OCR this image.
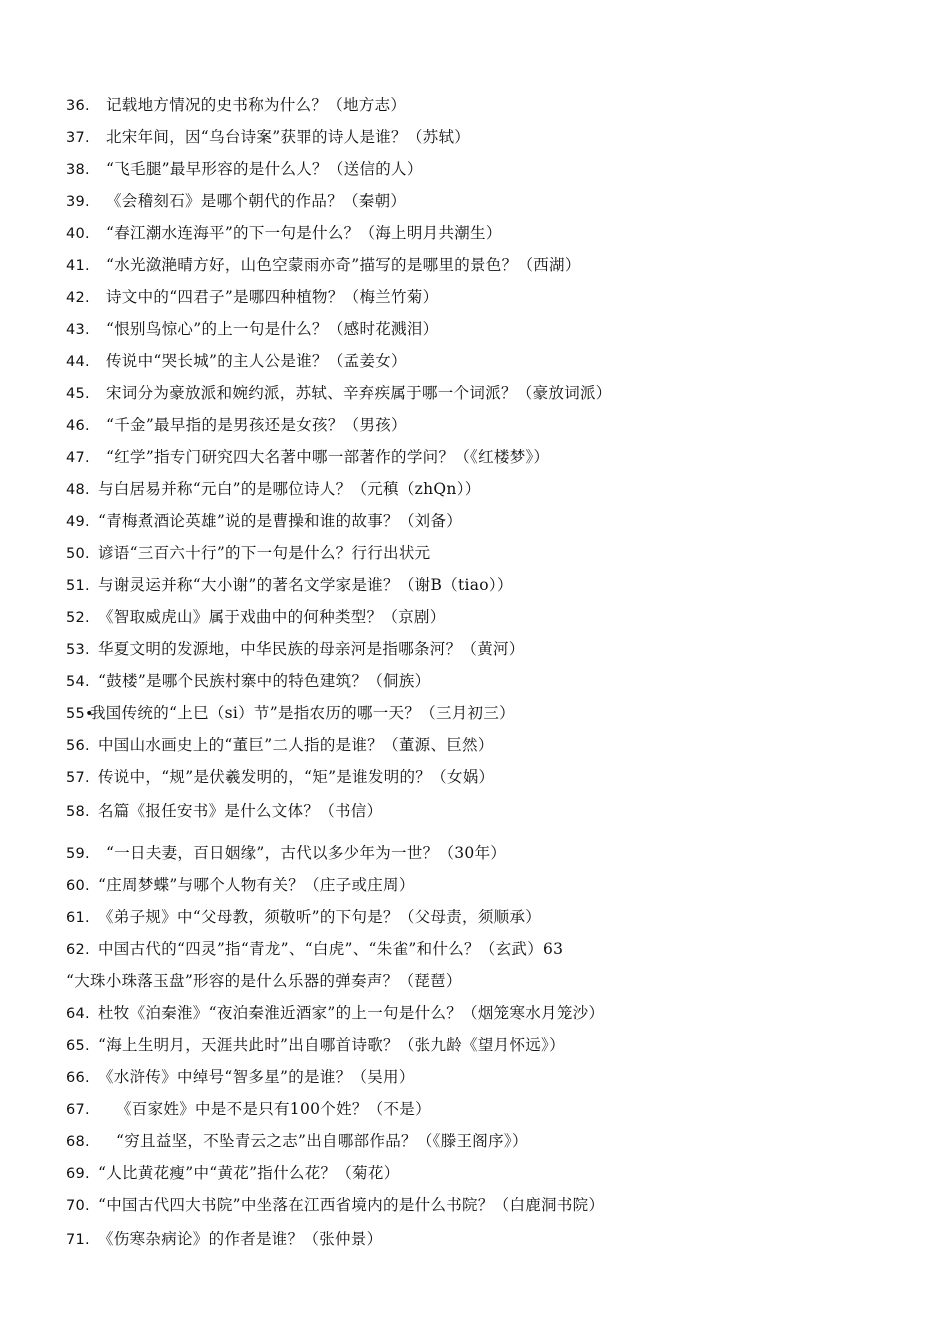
36. 记载地方情况的史书称为什么？（地方志）
37. 北宋年间，因“乌台诗案”获罪的诗人是谁？（苏轼）
38. “飞毛腿”最早形容的是什么人？（送信的人）
39. 《会稽刻石》是哪个朝代的作品？（秦朝）
40. “春江潮水连海平”的下一句是什么？（海上明月共潮生）
41. “水光潋滟晴方好，山色空蒙雨亦奇”描写的是哪里的景色？（西湖）
42. 诗文中的“四君子”是哪四种植物？（梅兰竹菊）
43. “恨别鸟惊心”的上一句是什么？（感时花溅泪）
44. 传说中“哭长城”的主人公是谁？（孟姜女）
45. 宋词分为豪放派和婉约派，苏轼、辛弃疾属于哪一个词派？（豪放词派）
46. “千金”最早指的是男孩还是女孩？（男孩）
47. “红学”指专门研究四大名著中哪一部著作的学问？（《红楼梦》）
48. 与白居易并称“元白”的是哪位诗人？（元稹（zhQn））
49. “青梅煮酒论英雄”说的是曹操和谁的故事？（刘备）
50. 谚语“三百六十行”的下一句是什么？行行出状元
51. 与谢灵运并称“大小谢”的著名文学家是谁？（谢B（tiao））
52. 《智取威虎山》属于戏曲中的何种类型？（京剧）
53. 华夏文明的发源地，中华民族的母亲河是指哪条河？（黄河）
54. “鼓楼”是哪个民族村寨中的特色建筑？（侗族）
55•我国传统的“上巳（si）节”是指农历的哪一天？（三月初三）
56. 中国山水画史上的“董巨”二人指的是谁？（董源、巨然）
57. 传说中，“规”是伏羲发明的，“矩”是谁发明的？（女娲）
58. 名篇《报任安书》是什么文体？（书信）
59. “一日夫妻，百日姻缘”，古代以多少年为一世？（30年）
60. “庄周梦蝶”与哪个人物有关？（庄子或庄周）
61. 《弟子规》中“父母教，须敬听”的下句是？（父母责，须顺承）
62. 中国古代的“四灵”指“青龙”、“白虎”、“朱雀”和什么？（玄武）63
“大珠小珠落玉盘”形容的是什么乐器的弹奏声？（琵琶）
64. 杜牧《泊秦淮》“夜泊秦淮近酒家”的上一句是什么？（烟笼寒水月笼沙）
65. “海上生明月，天涯共此时”出自哪首诗歌？（张九龄《望月怀远》）
66. 《水浒传》中绰号“智多星”的是谁？（吴用）
67. 《百家姓》中是不是只有100个姓？（不是）
68. “穷且益坚，不坠青云之志”出自哪部作品？（《滕王阁序》）
69. “人比黄花瘦”中“黄花”指什么花？（菊花）
70. “中国古代四大书院”中坐落在江西省境内的是什么书院？（白鹿洞书院）
71. 《伤寒杂病论》的作者是谁？（张仲景）
